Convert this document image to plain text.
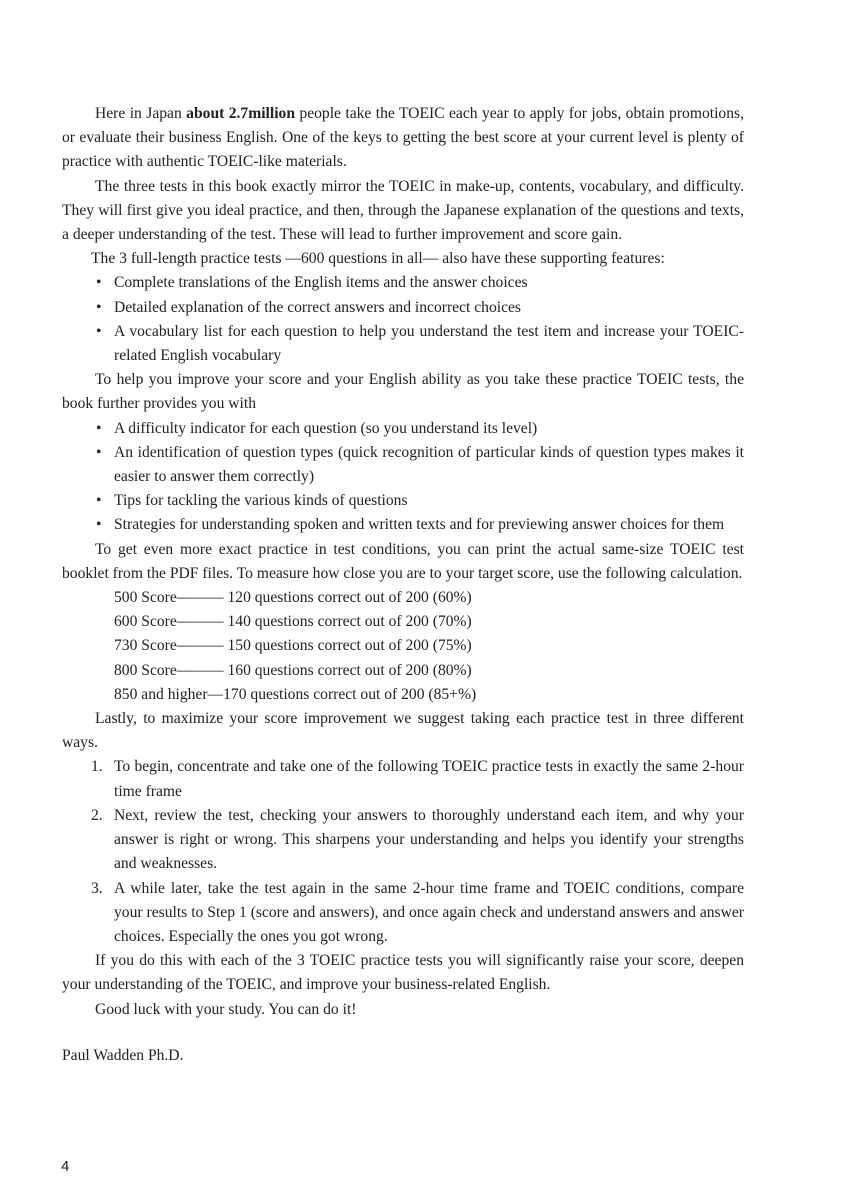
Here in Japan about 2.7million people take the TOEIC each year to apply for jobs, obtain promotions, or evaluate their business English. One of the keys to getting the best score at your current level is plenty of practice with authentic TOEIC-like materials.

The three tests in this book exactly mirror the TOEIC in make-up, contents, vocabulary, and difficulty. They will first give you ideal practice, and then, through the Japanese explanation of the questions and texts, a deeper understanding of the test. These will lead to further improvement and score gain.

The 3 full-length practice tests ―600 questions in all― also have these supporting features:

• Complete translations of the English items and the answer choices
• Detailed explanation of the correct answers and incorrect choices
• A vocabulary list for each question to help you understand the test item and increase your TOEIC-related English vocabulary

To help you improve your score and your English ability as you take these practice TOEIC tests, the book further provides you with

• A difficulty indicator for each question (so you understand its level)
• An identification of question types (quick recognition of particular kinds of question types makes it easier to answer them correctly)
• Tips for tackling the various kinds of questions
• Strategies for understanding spoken and written texts and for previewing answer choices for them

To get even more exact practice in test conditions, you can print the actual same-size TOEIC test booklet from the PDF files. To measure how close you are to your target score, use the following calculation.

500 Score――― 120 questions correct out of 200 (60%)
600 Score――― 140 questions correct out of 200 (70%)
730 Score――― 150 questions correct out of 200 (75%)
800 Score――― 160 questions correct out of 200 (80%)
850 and higher―170 questions correct out of 200 (85+%)

Lastly, to maximize your score improvement we suggest taking each practice test in three different ways.

1. To begin, concentrate and take one of the following TOEIC practice tests in exactly the same 2-hour time frame
2. Next, review the test, checking your answers to thoroughly understand each item, and why your answer is right or wrong. This sharpens your understanding and helps you identify your strengths and weaknesses.
3. A while later, take the test again in the same 2-hour time frame and TOEIC conditions, compare your results to Step 1 (score and answers), and once again check and understand answers and answer choices. Especially the ones you got wrong.

If you do this with each of the 3 TOEIC practice tests you will significantly raise your score, deepen your understanding of the TOEIC, and improve your business-related English.

Good luck with your study. You can do it!

Paul Wadden Ph.D.

4
